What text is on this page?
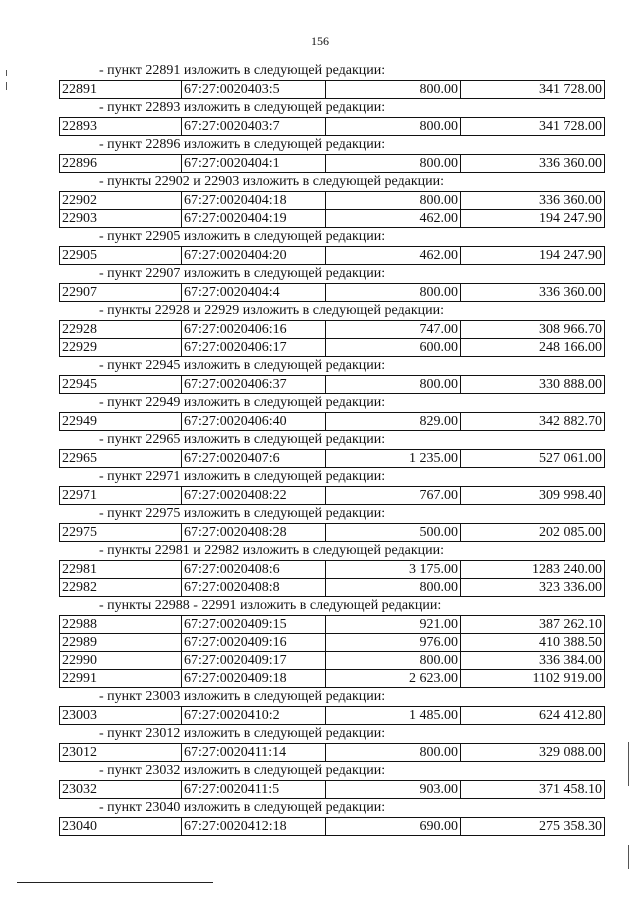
156
- пункт 22891 изложить в следующей редакции:
22891	67:27:0020403:5	800.00	341 728.00
- пункт 22893 изложить в следующей редакции:
22893	67:27:0020403:7	800.00	341 728.00
- пункт 22896 изложить в следующей редакции:
22896	67:27:0020404:1	800.00	336 360.00
- пункты 22902 и 22903 изложить в следующей редакции:
22902	67:27:0020404:18	800.00	336 360.00
22903	67:27:0020404:19	462.00	194 247.90
- пункт 22905 изложить в следующей редакции:
22905	67:27:0020404:20	462.00	194 247.90
- пункт 22907 изложить в следующей редакции:
22907	67:27:0020404:4	800.00	336 360.00
- пункты 22928 и 22929 изложить в следующей редакции:
22928	67:27:0020406:16	747.00	308 966.70
22929	67:27:0020406:17	600.00	248 166.00
- пункт 22945 изложить в следующей редакции:
22945	67:27:0020406:37	800.00	330 888.00
- пункт 22949 изложить в следующей редакции:
22949	67:27:0020406:40	829.00	342 882.70
- пункт 22965 изложить в следующей редакции:
22965	67:27:0020407:6	1 235.00	527 061.00
- пункт 22971 изложить в следующей редакции:
22971	67:27:0020408:22	767.00	309 998.40
- пункт 22975 изложить в следующей редакции:
22975	67:27:0020408:28	500.00	202 085.00
- пункты 22981 и 22982 изложить в следующей редакции:
22981	67:27:0020408:6	3 175.00	1283 240.00
22982	67:27:0020408:8	800.00	323 336.00
- пункты 22988 - 22991 изложить в следующей редакции:
22988	67:27:0020409:15	921.00	387 262.10
22989	67:27:0020409:16	976.00	410 388.50
22990	67:27:0020409:17	800.00	336 384.00
22991	67:27:0020409:18	2 623.00	1102 919.00
- пункт 23003 изложить в следующей редакции:
23003	67:27:0020410:2	1 485.00	624 412.80
- пункт 23012 изложить в следующей редакции:
23012	67:27:0020411:14	800.00	329 088.00
- пункт 23032 изложить в следующей редакции:
23032	67:27:0020411:5	903.00	371 458.10
- пункт 23040 изложить в следующей редакции:
23040	67:27:0020412:18	690.00	275 358.30
